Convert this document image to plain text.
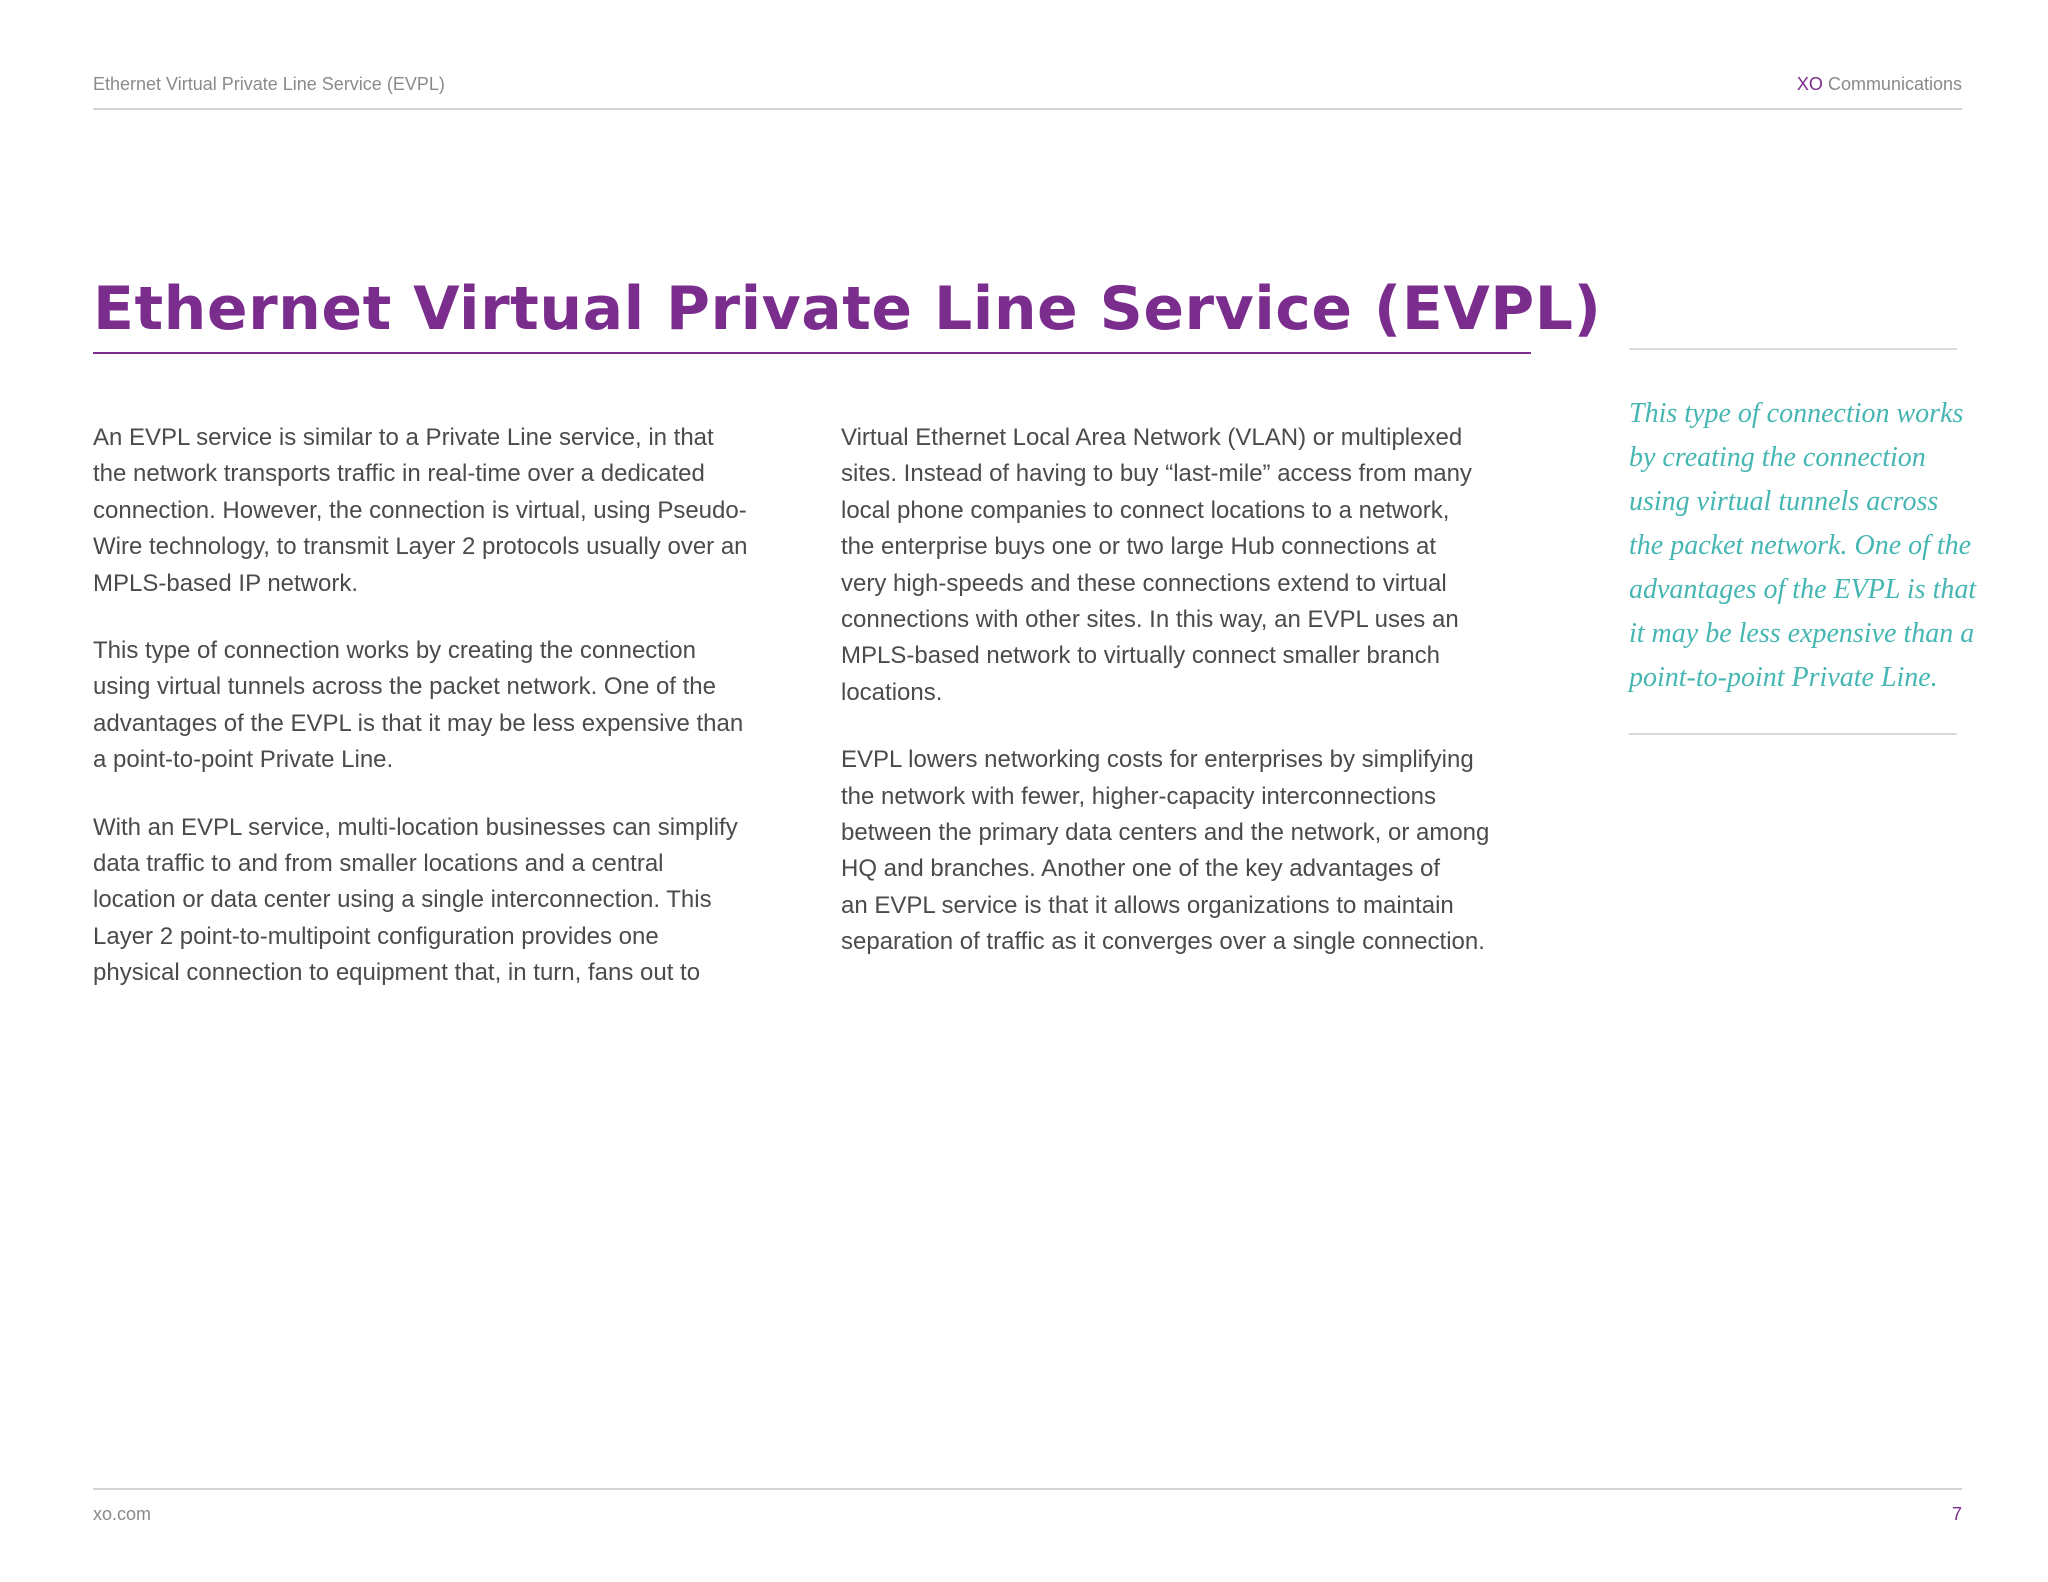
Ethernet Virtual Private Line Service (EVPL)	XO Communications
Ethernet Virtual Private Line Service (EVPL)

An EVPL service is similar to a Private Line service, in that
the network transports traffic in real-time over a dedicated
connection. However, the connection is virtual, using Pseudo-
Wire technology, to transmit Layer 2 protocols usually over an
MPLS-based IP network.

This type of connection works by creating the connection
using virtual tunnels across the packet network. One of the
advantages of the EVPL is that it may be less expensive than
a point-to-point Private Line.

With an EVPL service, multi-location businesses can simplify
data traffic to and from smaller locations and a central
location or data center using a single interconnection. This
Layer 2 point-to-multipoint configuration provides one
physical connection to equipment that, in turn, fans out to

Virtual Ethernet Local Area Network (VLAN) or multiplexed
sites. Instead of having to buy “last-mile” access from many
local phone companies to connect locations to a network,
the enterprise buys one or two large Hub connections at
very high-speeds and these connections extend to virtual
connections with other sites. In this way, an EVPL uses an
MPLS-based network to virtually connect smaller branch
locations.

EVPL lowers networking costs for enterprises by simplifying
the network with fewer, higher-capacity interconnections
between the primary data centers and the network, or among
HQ and branches. Another one of the key advantages of
an EVPL service is that it allows organizations to maintain
separation of traffic as it converges over a single connection.

This type of connection works
by creating the connection
using virtual tunnels across
the packet network. One of the
advantages of the EVPL is that
it may be less expensive than a
point-to-point Private Line.
xo.com	7
